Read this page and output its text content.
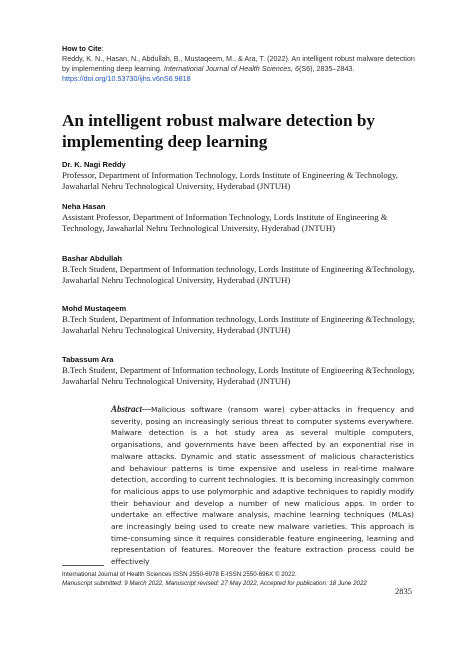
How to Cite:
Reddy, K. N., Hasan, N., Abdullah, B., Mustaqeem, M., & Ara, T. (2022). An intelligent robust malware detection by implementing deep learning. International Journal of Health Sciences, 6(S6), 2835–2843. https://doi.org/10.53730/ijhs.v6nS6.9818
An intelligent robust malware detection by implementing deep learning
Dr. K. Nagi Reddy
Professor, Department of Information Technology, Lords Institute of Engineering & Technology, Jawaharlal Nehru Technological University, Hyderabad (JNTUH)
Neha Hasan
Assistant Professor, Department of Information Technology, Lords Institute of Engineering & Technology, Jawaharlal Nehru Technological University, Hyderabad (JNTUH)
Bashar Abdullah
B.Tech Student, Department of Information technology, Lords Institute of Engineering &Technology, Jawaharlal Nehru Technological University, Hyderabad (JNTUH)
Mohd Mustaqeem
B.Tech Student, Department of Information technology, Lords Institute of Engineering &Technology, Jawaharlal Nehru Technological University, Hyderabad (JNTUH)
Tabassum Ara
B.Tech Student, Department of Information technology, Lords Institute of Engineering &Technology, Jawaharlal Nehru Technological University, Hyderabad (JNTUH)

Abstract---Malicious software (ransom ware) cyber-attacks in frequency and severity, posing an increasingly serious threat to computer systems everywhere. Malware detection is a hot study area as several multiple computers, organisations, and governments have been affected by an exponential rise in malware attacks. Dynamic and static assessment of malicious characteristics and behaviour patterns is time expensive and useless in real-time malware detection, according to current technologies. It is becoming increasingly common for malicious apps to use polymorphic and adaptive techniques to rapidly modify their behaviour and develop a number of new malicious apps. In order to undertake an effective malware analysis, machine learning techniques (MLAs) are increasingly being used to create new malware varieties. This approach is time-consuming since it requires considerable feature engineering, learning and representation of features. Moreover the feature extraction process could be effectively

International Journal of Health Sciences ISSN 2550-6978 E-ISSN 2550-696X © 2022.
Manuscript submitted: 9 March 2022, Manuscript revised: 27 May 2022, Accepted for publication: 18 June 2022
2835
